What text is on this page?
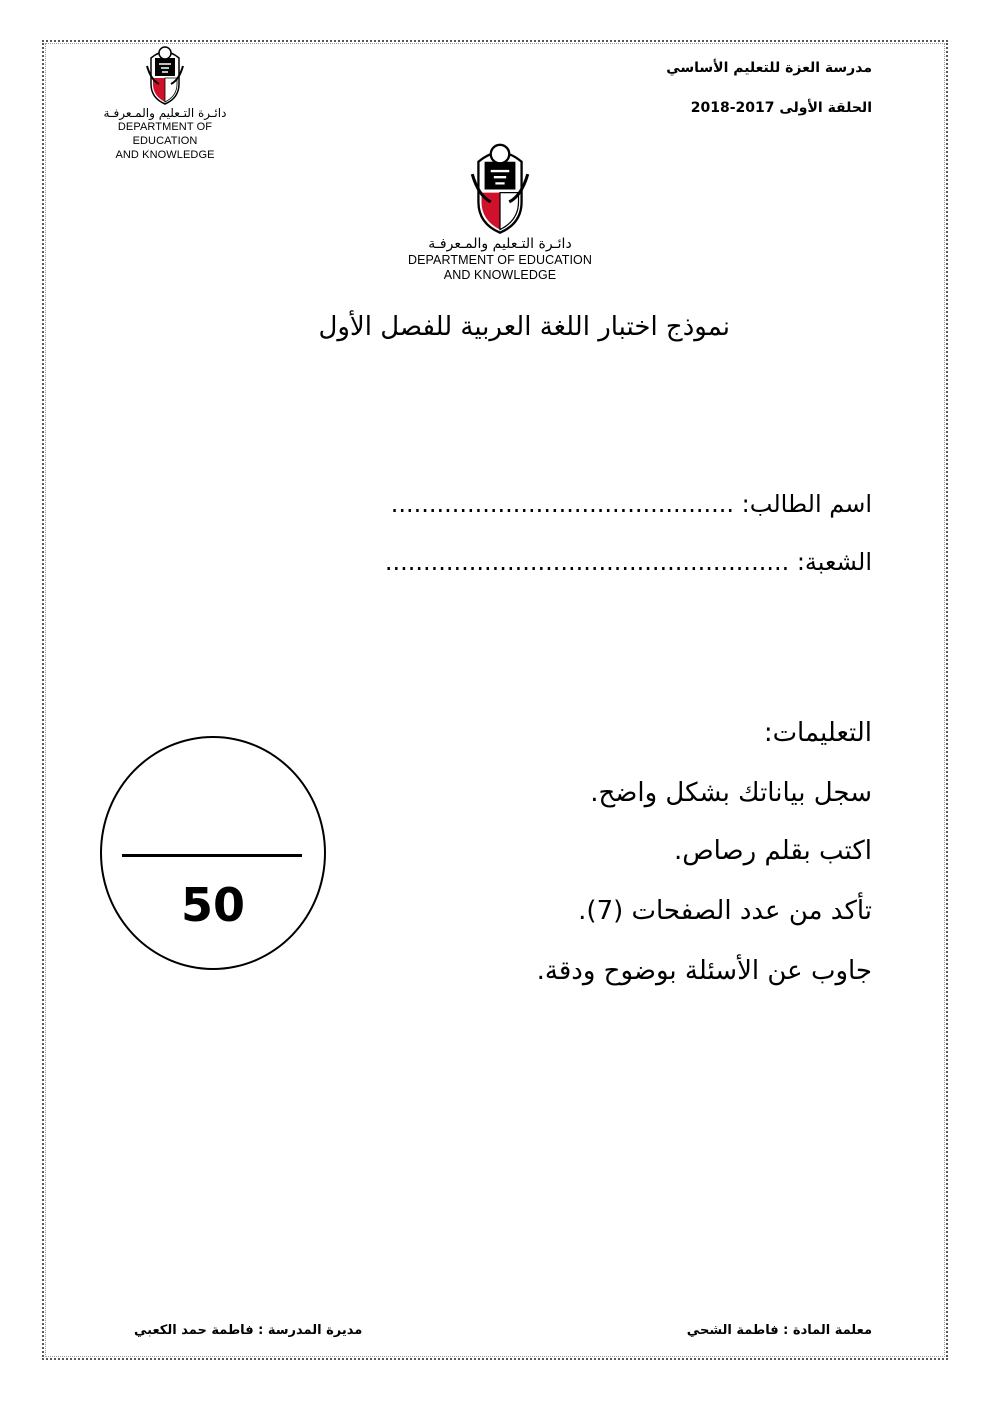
مدرسة العزة للتعليم الأساسي
الحلقة الأولى 2017-2018
دائـرة التـعليم والمـعرفـة
DEPARTMENT OF EDUCATION
AND KNOWLEDGE
دائـرة التـعليم والمـعرفـة
DEPARTMENT OF EDUCATION
AND KNOWLEDGE
نموذج اختبار اللغة العربية للفصل الأول
اسم الطالب: .............................................
الشعبة: .....................................................
التعليمات:
سجل بياناتك بشكل واضح.
اكتب بقلم رصاص.
تأكد من عدد الصفحات (7).
جاوب عن الأسئلة بوضوح ودقة.
50
معلمة المادة : فاطمة الشحي
مديرة المدرسة : فاطمة حمد الكعبي
